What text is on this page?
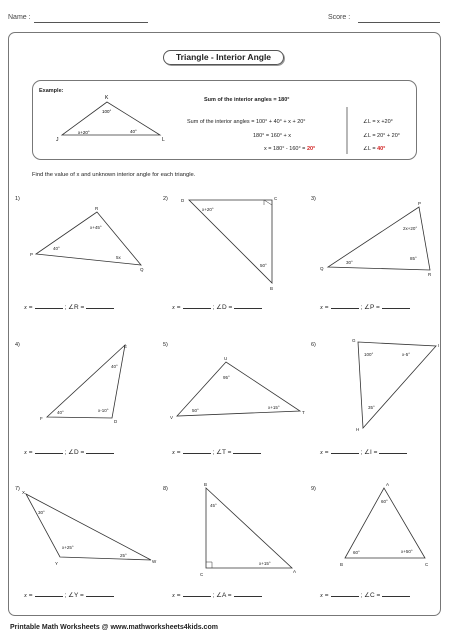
Name :	Score :
Triangle - Interior Angle
Example:
K
J	L
100°
x+20°	40°
Sum of the interior angles = 180°
Sum of the interior angles = 100° + 40° + x + 20°
180° = 160° + x
x = 180° - 160° = 20°
∠L = x +20°
∠L = 20° + 20°
∠L = 40°
Find the value of x and unknown interior angle for each triangle.
R
P
Q
x+45°
40°
5x
D	C
B
x+20°
50°
P
Q
R
2x+20°
30°
85°
E
F
D
40°
40°	x-10°
U
V
T
95°
50°
x+15°
G
I
H
100°	x-5°
35°
X
Y	W
30°
x+25°
25°
B
C
A
45°
x+15°
A
B	C
60°
60°	x+50°
1)	2)	3)
4)	5)	6)
7)	8)	9)
x =	; ∠R =	x =	; ∠D =	x =	; ∠P =
x =	; ∠D =	x =	; ∠T =	x =	; ∠I =
x =	; ∠Y =	x =	; ∠A =	x =	; ∠C =
Printable Math Worksheets @ www.mathworksheets4kids.com
